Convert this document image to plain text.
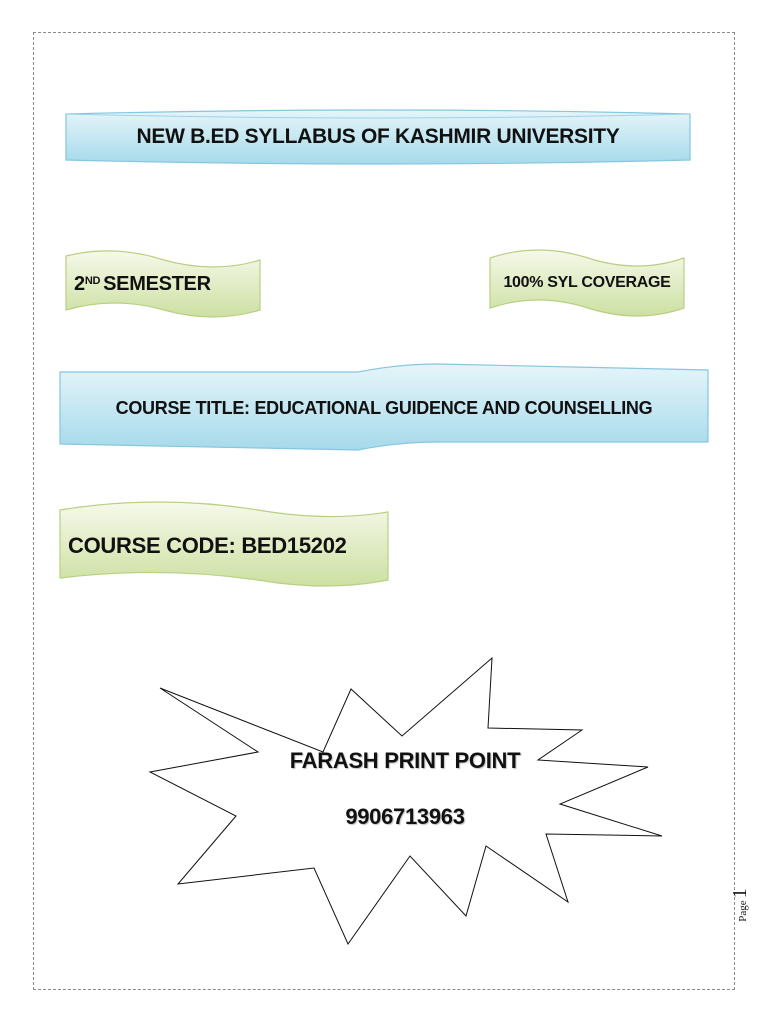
NEW B.ED SYLLABUS OF KASHMIR UNIVERSITY
2ND SEMESTER	100% SYL COVERAGE
COURSE TITLE: EDUCATIONAL GUIDENCE AND COUNSELLING
COURSE CODE: BED15202
FARASH PRINT POINT
9906713963
Page
1
